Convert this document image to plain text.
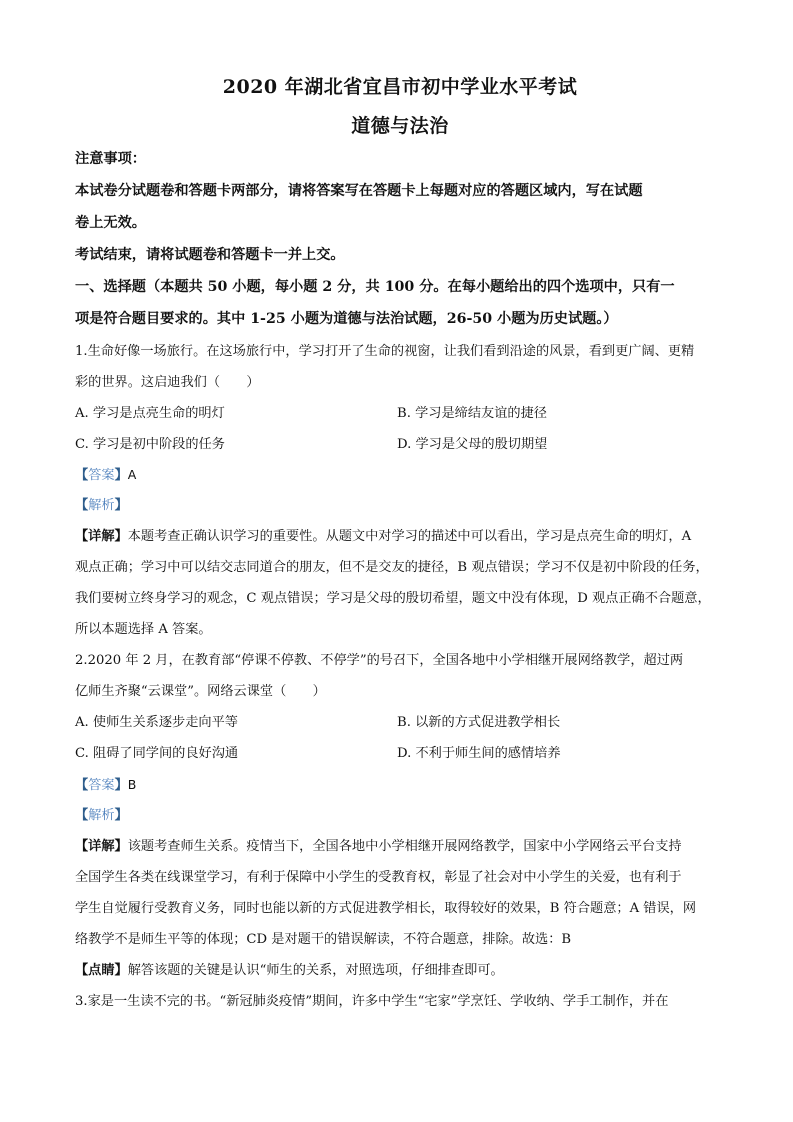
2020 年湖北省宜昌市初中学业水平考试
道德与法治
注意事项：
本试卷分试题卷和答题卡两部分，请将答案写在答题卡上每题对应的答题区域内，写在试题
卷上无效。
考试结束，请将试题卷和答题卡一并上交。
一、选择题（本题共 50 小题，每小题 2 分，共 100 分。在每小题给出的四个选项中，只有一
项是符合题目要求的。其中 1-25 小题为道德与法治试题，26-50 小题为历史试题。）
1.生命好像一场旅行。在这场旅行中，学习打开了生命的视窗，让我们看到沿途的风景，看到更广阔、更精
彩的世界。这启迪我们（　　）
A. 学习是点亮生命的明灯	B. 学习是缔结友谊的捷径
C. 学习是初中阶段的任务	D. 学习是父母的殷切期望
【答案】A
【解析】
【详解】本题考查正确认识学习的重要性。从题文中对学习的描述中可以看出，学习是点亮生命的明灯，A
观点正确；学习中可以结交志同道合的朋友，但不是交友的捷径，B 观点错误；学习不仅是初中阶段的任务，
我们要树立终身学习的观念，C 观点错误；学习是父母的殷切希望，题文中没有体现，D 观点正确不合题意，
所以本题选择 A 答案。
2.2020 年 2 月，在教育部“停课不停教、不停学”的号召下，全国各地中小学相继开展网络教学，超过两
亿师生齐聚“云课堂”。网络云课堂（　　）
A. 使师生关系逐步走向平等	B. 以新的方式促进教学相长
C. 阻碍了同学间的良好沟通	D. 不利于师生间的感情培养
【答案】B
【解析】
【详解】该题考查师生关系。疫情当下，全国各地中小学相继开展网络教学，国家中小学网络云平台支持
全国学生各类在线课堂学习，有利于保障中小学生的受教育权，彰显了社会对中小学生的关爱，也有利于
学生自觉履行受教育义务，同时也能以新的方式促进教学相长，取得较好的效果，B 符合题意；A 错误，网
络教学不是师生平等的体现；CD 是对题干的错误解读，不符合题意，排除。故选：B
【点睛】解答该题的关键是认识“师生的关系，对照选项，仔细排查即可。
3.家是一生读不完的书。“新冠肺炎疫情”期间，许多中学生“宅家”学烹饪、学收纳、学手工制作，并在
